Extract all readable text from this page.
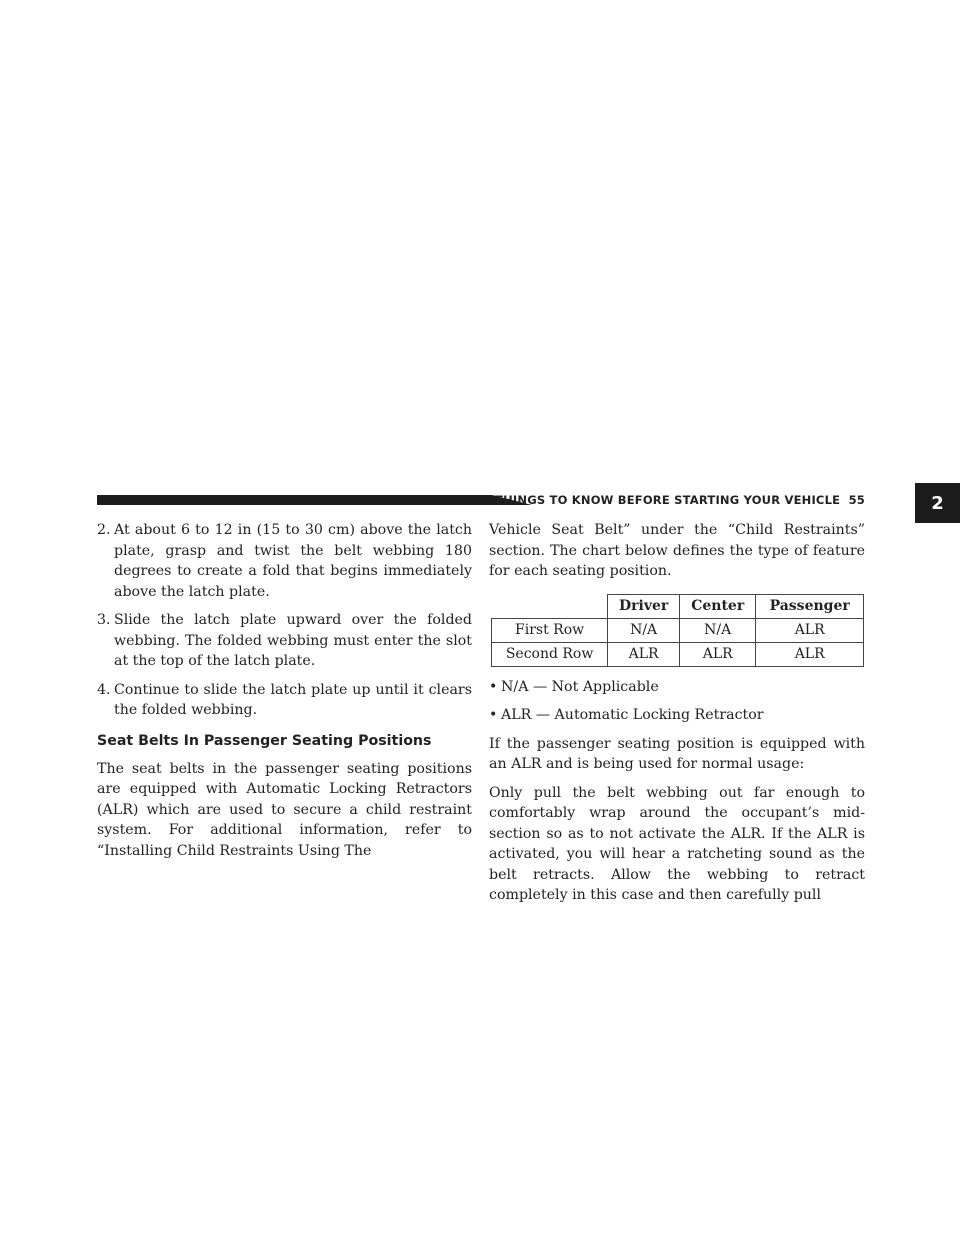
THINGS TO KNOW BEFORE STARTING YOUR VEHICLE 55	2
2. At about 6 to 12 in (15 to 30 cm) above the latch plate, grasp and twist the belt webbing 180 degrees to create a fold that begins immediately above the latch plate.
3. Slide the latch plate upward over the folded webbing. The folded webbing must enter the slot at the top of the latch plate.
4. Continue to slide the latch plate up until it clears the folded webbing.
Seat Belts In Passenger Seating Positions

The seat belts in the passenger seating positions are equipped with Automatic Locking Retractors (ALR) which are used to secure a child restraint system. For additional information, refer to “Installing Child Restraints Using The

Vehicle Seat Belt” under the “Child Restraints” section. The chart below defines the type of feature for each seating position.

	Driver	Center	Passenger
First Row	N/A	N/A	ALR
Second Row	ALR	ALR	ALR
• N/A — Not Applicable
• ALR — Automatic Locking Retractor

If the passenger seating position is equipped with an ALR and is being used for normal usage:

Only pull the belt webbing out far enough to comfortably wrap around the occupant’s mid-section so as to not activate the ALR. If the ALR is activated, you will hear a ratcheting sound as the belt retracts. Allow the webbing to retract completely in this case and then carefully pull
